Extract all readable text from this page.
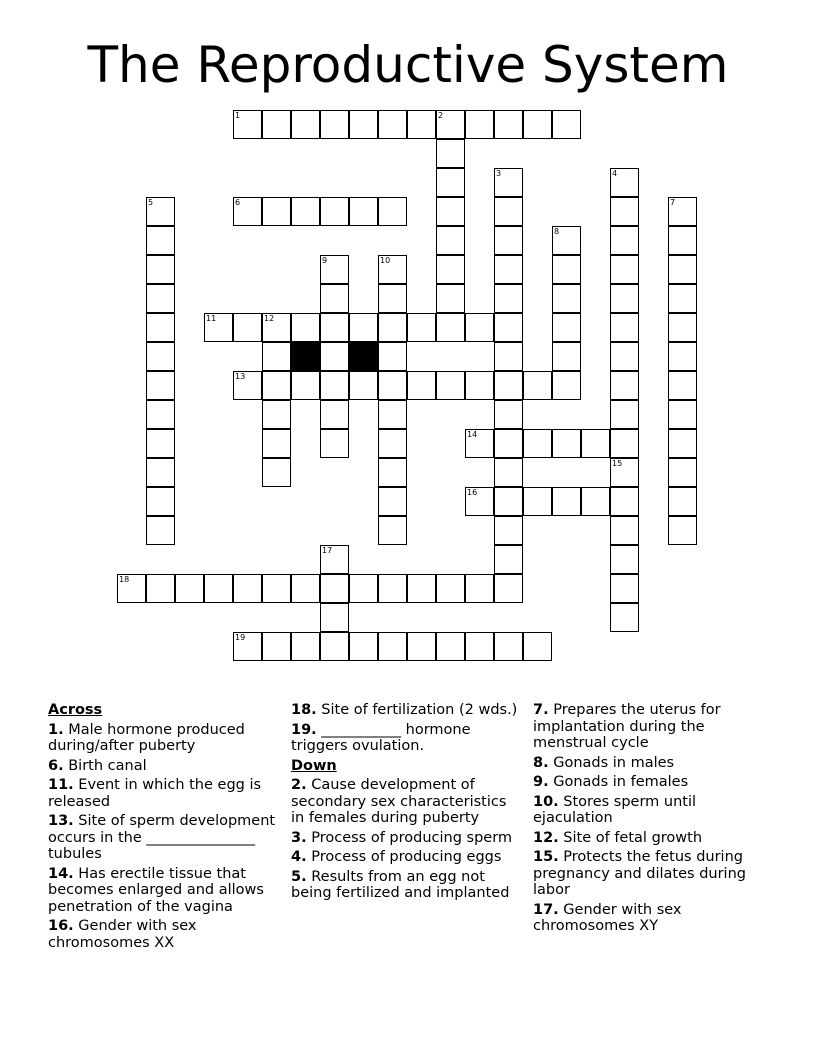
The Reproductive System
1	2
6
11	12
13
14
16
18
19
3	4
5	7
8
9	10
15
17
Across
1. Male hormone produced during/after puberty
6. Birth canal
11. Event in which the egg is released
13. Site of sperm development occurs in the _______________ tubules
14. Has erectile tissue that becomes enlarged and allows penetration of the vagina
16. Gender with sex chromosomes XX
18. Site of fertilization (2 wds.)
19. ___________ hormone triggers ovulation.
Down
2. Cause development of secondary sex characteristics in females during puberty
3. Process of producing sperm
4. Process of producing eggs
5. Results from an egg not being fertilized and implanted
7. Prepares the uterus for implantation during the menstrual cycle
8. Gonads in males
9. Gonads in females
10. Stores sperm until ejaculation
12. Site of fetal growth
15. Protects the fetus during pregnancy and dilates during labor
17. Gender with sex chromosomes XY
